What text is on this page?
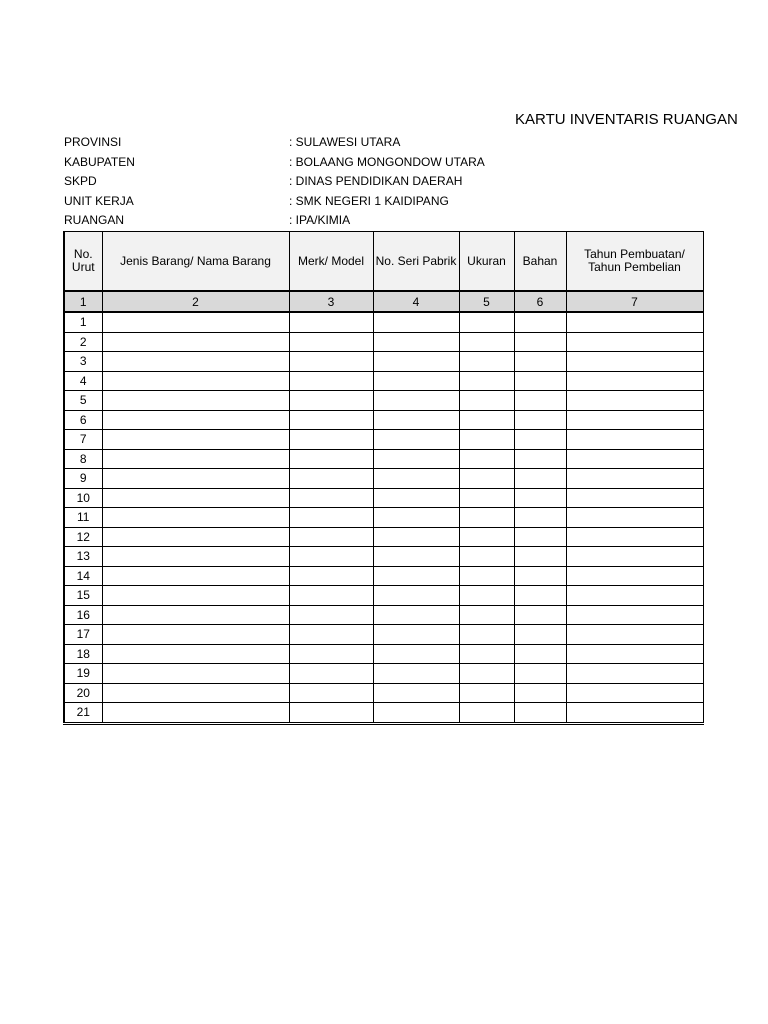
KARTU INVENTARIS RUANGAN
PROVINSI	: SULAWESI UTARA
KABUPATEN	: BOLAANG MONGONDOW UTARA
SKPD	: DINAS PENDIDIKAN DAERAH
UNIT KERJA	: SMK NEGERI 1 KAIDIPANG
RUANGAN	: IPA/KIMIA
No. Urut	Jenis Barang/ Nama Barang	Merk/ Model	No. Seri Pabrik	Ukuran	Bahan	Tahun Pembuatan/ Tahun Pembelian
1	2	3	4	5	6	7
1						
2						
3						
4						
5						
6						
7						
8						
9						
10						
11						
12						
13						
14						
15						
16						
17						
18						
19						
20						
21						
